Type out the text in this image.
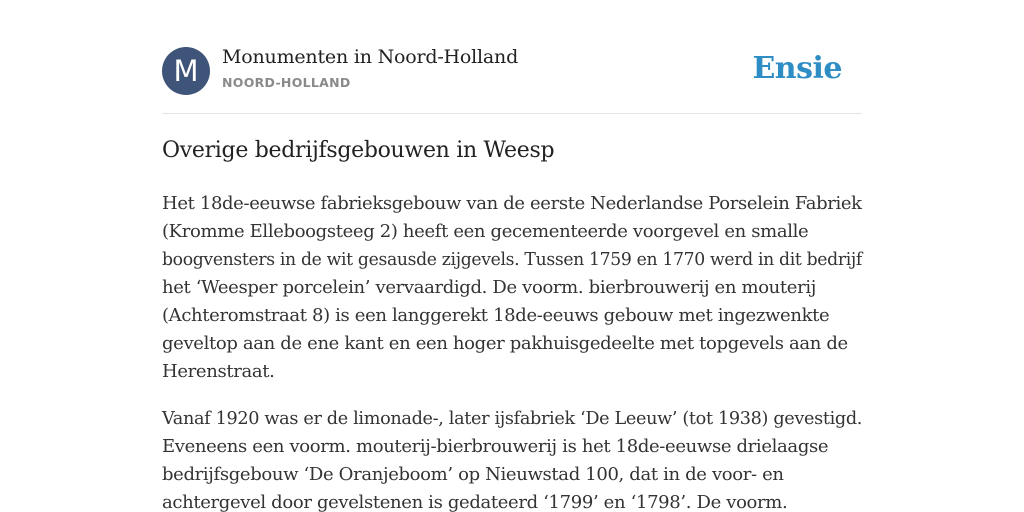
M	Monumenten in Noord-Holland
NOORD-HOLLAND	Ensie
Overige bedrijfsgebouwen in Weesp
Het 18de-eeuwse fabrieksgebouw van de eerste Nederlandse Porselein Fabriek
(Kromme Elleboogsteeg 2) heeft een gecementeerde voorgevel en smalle
boogvensters in de wit gesausde zijgevels. Tussen 1759 en 1770 werd in dit bedrijf
het ‘Weesper porcelein’ vervaardigd. De voorm. bierbrouwerij en mouterij
(Achteromstraat 8) is een langgerekt 18de-eeuws gebouw met ingezwenkte
geveltop aan de ene kant en een hoger pakhuisgedeelte met topgevels aan de
Herenstraat.
Vanaf 1920 was er de limonade-, later ijsfabriek ‘De Leeuw’ (tot 1938) gevestigd.
Eveneens een voorm. mouterij-bierbrouwerij is het 18de-eeuwse drielaagse
bedrijfsgebouw ‘De Oranjeboom’ op Nieuwstad 100, dat in de voor- en
achtergevel door gevelstenen is gedateerd ‘1799’ en ‘1798’. De voorm.
